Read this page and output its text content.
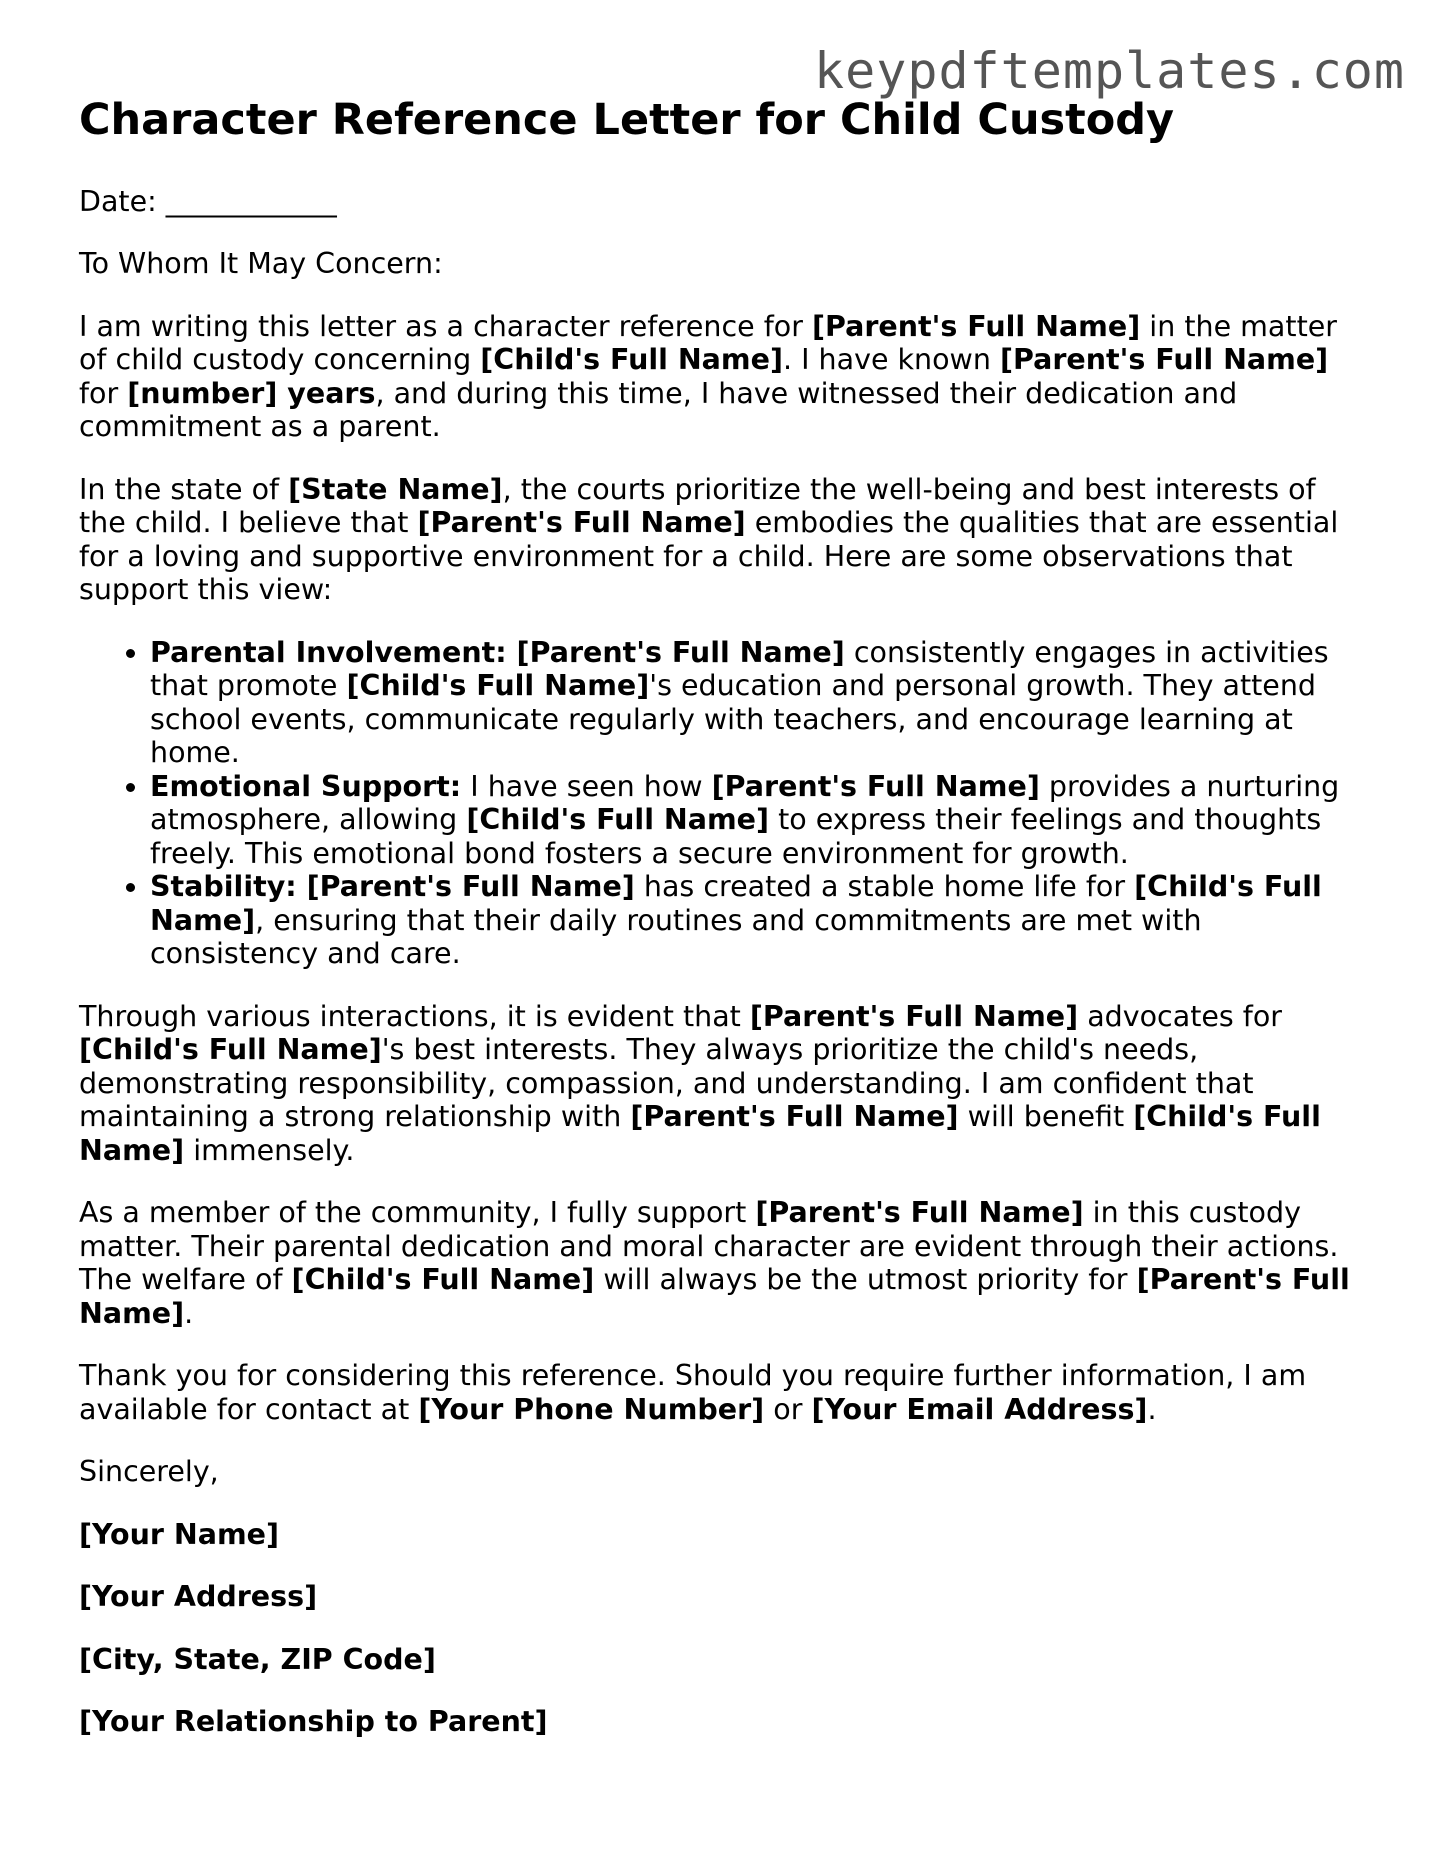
keypdftemplates.com
Character Reference Letter for Child Custody

Date: ____________

To Whom It May Concern:

I am writing this letter as a character reference for [Parent's Full Name] in the matter of child custody concerning [Child's Full Name]. I have known [Parent's Full Name] for [number] years, and during this time, I have witnessed their dedication and commitment as a parent.

In the state of [State Name], the courts prioritize the well-being and best interests of the child. I believe that [Parent's Full Name] embodies the qualities that are essential for a loving and supportive environment for a child. Here are some observations that support this view:

• Parental Involvement: [Parent's Full Name] consistently engages in activities that promote [Child's Full Name]'s education and personal growth. They attend school events, communicate regularly with teachers, and encourage learning at home.
• Emotional Support: I have seen how [Parent's Full Name] provides a nurturing atmosphere, allowing [Child's Full Name] to express their feelings and thoughts freely. This emotional bond fosters a secure environment for growth.
• Stability: [Parent's Full Name] has created a stable home life for [Child's Full Name], ensuring that their daily routines and commitments are met with consistency and care.

Through various interactions, it is evident that [Parent's Full Name] advocates for [Child's Full Name]'s best interests. They always prioritize the child's needs, demonstrating responsibility, compassion, and understanding. I am confident that maintaining a strong relationship with [Parent's Full Name] will benefit [Child's Full Name] immensely.

As a member of the community, I fully support [Parent's Full Name] in this custody matter. Their parental dedication and moral character are evident through their actions. The welfare of [Child's Full Name] will always be the utmost priority for [Parent's Full Name].

Thank you for considering this reference. Should you require further information, I am available for contact at [Your Phone Number] or [Your Email Address].

Sincerely,

[Your Name]

[Your Address]

[City, State, ZIP Code]

[Your Relationship to Parent]
